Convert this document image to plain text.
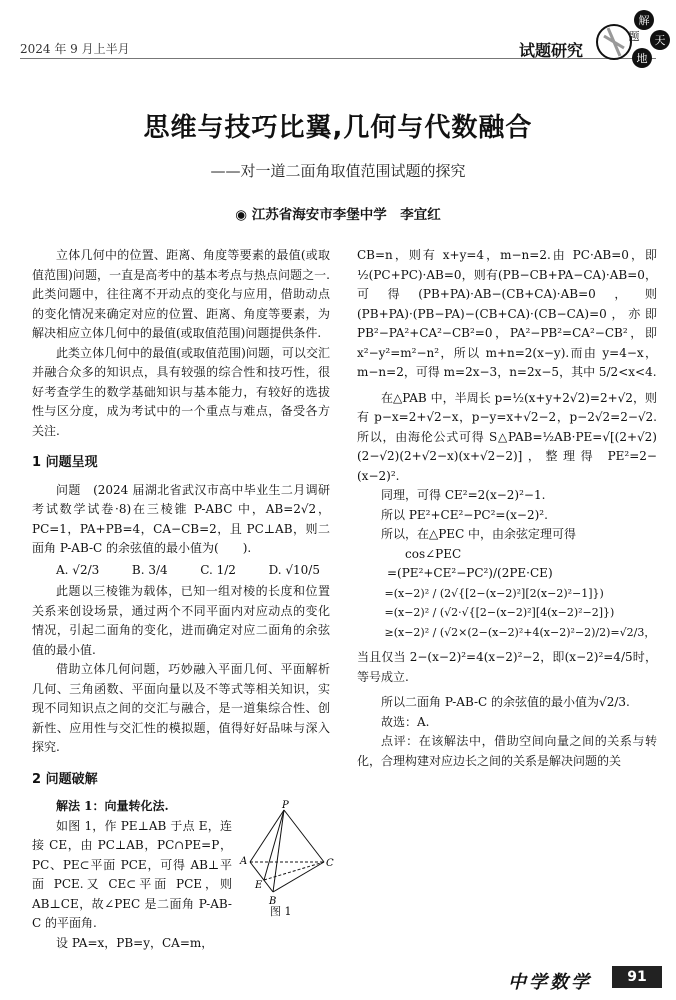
2024 年 9 月上半月	试题研究
解
题 天
地
思维与技巧比翼,几何与代数融合
——对一道二面角取值范围试题的探究
◉ 江苏省海安市李堡中学　李宜红

立体几何中的位置、距离、角度等要素的最值(或取值范围)问题，一直是高考中的基本考点与热点问题之一.此类问题中，往往离不开动点的变化与应用，借助动点的变化情况来确定对应的位置、距离、角度等要素，为解决相应立体几何中的最值(或取值范围)问题提供条件.

此类立体几何中的最值(或取值范围)问题，可以交汇并融合众多的知识点，具有较强的综合性和技巧性，很好考查学生的数学基础知识与基本能力，有较好的选拔性与区分度，成为考试中的一个重点与难点，备受各方关注.

1 问题呈现

问题　(2024 届湖北省武汉市高中毕业生二月调研考试数学试卷·8)在三棱锥 P-ABC 中，AB=2√2，PC=1，PA+PB=4，CA−CB=2，且 PC⊥AB，则二面角 P-AB-C 的余弦值的最小值为(　　).

A. √2/3	B. 3/4	C. 1/2	D. √10/5

此题以三棱锥为载体，已知一组对棱的长度和位置关系来创设场景，通过两个不同平面内对应动点的变化情况，引起二面角的变化，进而确定对应二面角的余弦值的最小值.

借助立体几何问题，巧妙融入平面几何、平面解析几何、三角函数、平面向量以及不等式等相关知识，实现不同知识点之间的交汇与融合，是一道集综合性、创新性、应用性与交汇性的模拟题，值得好好品味与深入探究.

2 问题破解

解法 1：向量转化法.

如图 1，作 PE⊥AB 于点 E，连接 CE，由 PC⊥AB，PC∩PE=P，PC、PE⊂平面 PCE，可得 AB⊥平面 PCE.又 CE⊂平面 PCE，则 AB⊥CE，故∠PEC 是二面角 P-AB-C 的平面角.

设 PA=x，PB=y，CA=m，

P
A
B
C
E
图 1

CB=n，则有 x+y=4，m−n=2.由 PC·AB=0，即 ½(PC+PC)·AB=0，则有(PB−CB+PA−CA)·AB=0，可得(PB+PA)·AB−(CB+CA)·AB=0，则(PB+PA)·(PB−PA)−(CB+CA)·(CB−CA)=0，亦即 PB²−PA²+CA²−CB²=0，PA²−PB²=CA²−CB²，即 x²−y²=m²−n²，所以 m+n=2(x−y).而由 y=4−x，m−n=2，可得 m=2x−3，n=2x−5，其中 5/2<x<4.

在△PAB 中，半周长 p=½(x+y+2√2)=2+√2，则有 p−x=2+√2−x，p−y=x+√2−2，p−2√2=2−√2.所以，由海伦公式可得 S△PAB=½AB·PE=√[(2+√2)(2−√2)(2+√2−x)(x+√2−2)]，整理得 PE²=2−(x−2)².

同理，可得 CE²=2(x−2)²−1.

所以 PE²+CE²−PC²=(x−2)².

所以，在△PEC 中，由余弦定理可得

cos∠PEC

=(PE²+CE²−PC²)/(2PE·CE)

=(x−2)² / (2√{[2−(x−2)²][2(x−2)²−1]})

=(x−2)² / (√2·√{[2−(x−2)²][4(x−2)²−2]})

≥(x−2)² / (√2×(2−(x−2)²+4(x−2)²−2)/2)=√2/3，

当且仅当 2−(x−2)²=4(x−2)²−2，即(x−2)²=4/5时，等号成立.

所以二面角 P-AB-C 的余弦值的最小值为√2/3.

故选：A.

点评：在该解法中，借助空间向量之间的关系与转化，合理构建对应边长之间的关系是解决问题的关

中学数学	91
